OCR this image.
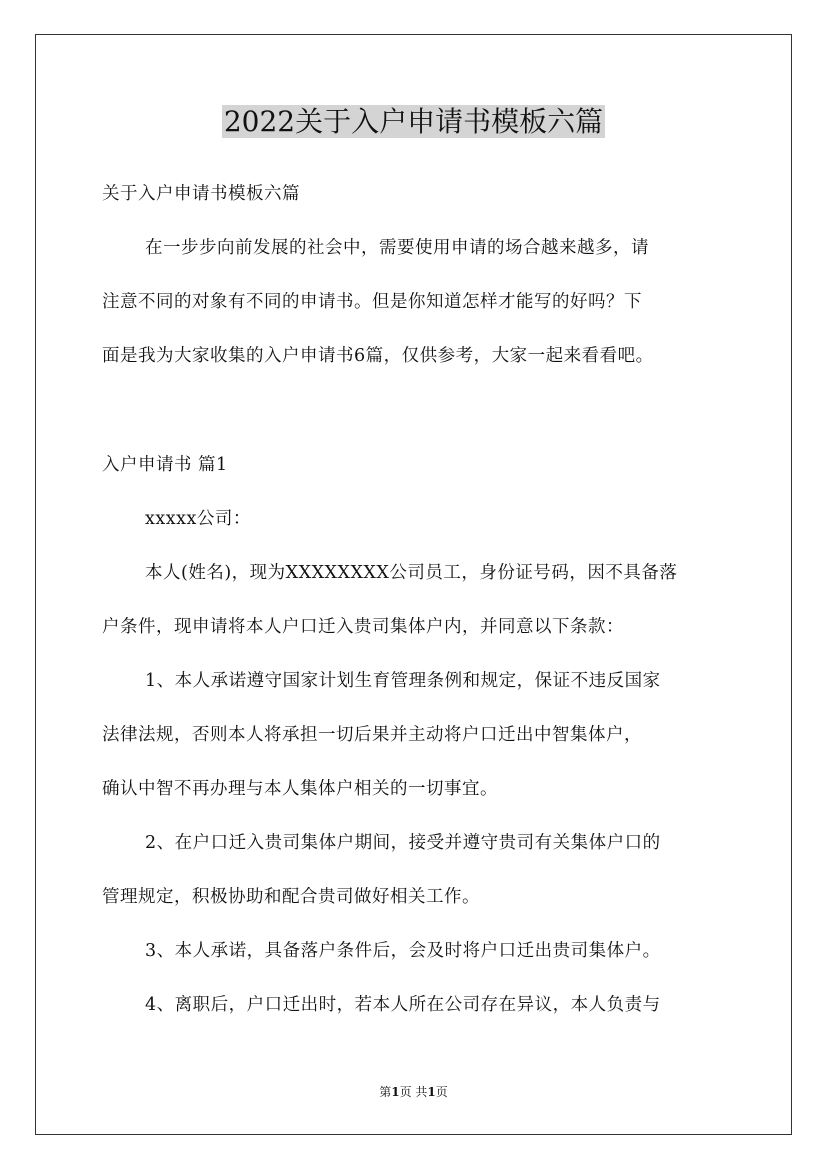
2022关于入户申请书模板六篇

关于入户申请书模板六篇

在一步步向前发展的社会中，需要使用申请的场合越来越多，请

注意不同的对象有不同的申请书。但是你知道怎样才能写的好吗？下

面是我为大家收集的入户申请书6篇，仅供参考，大家一起来看看吧。

入户申请书 篇1

xxxxx公司：

本人(姓名)，现为XXXXXXXX公司员工，身份证号码，因不具备落

户条件，现申请将本人户口迁入贵司集体户内，并同意以下条款：

1、本人承诺遵守国家计划生育管理条例和规定，保证不违反国家

法律法规，否则本人将承担一切后果并主动将户口迁出中智集体户，

确认中智不再办理与本人集体户相关的一切事宜。

2、在户口迁入贵司集体户期间，接受并遵守贵司有关集体户口的

管理规定，积极协助和配合贵司做好相关工作。

3、本人承诺，具备落户条件后，会及时将户口迁出贵司集体户。

4、离职后，户口迁出时，若本人所在公司存在异议，本人负责与

第1页 共1页
